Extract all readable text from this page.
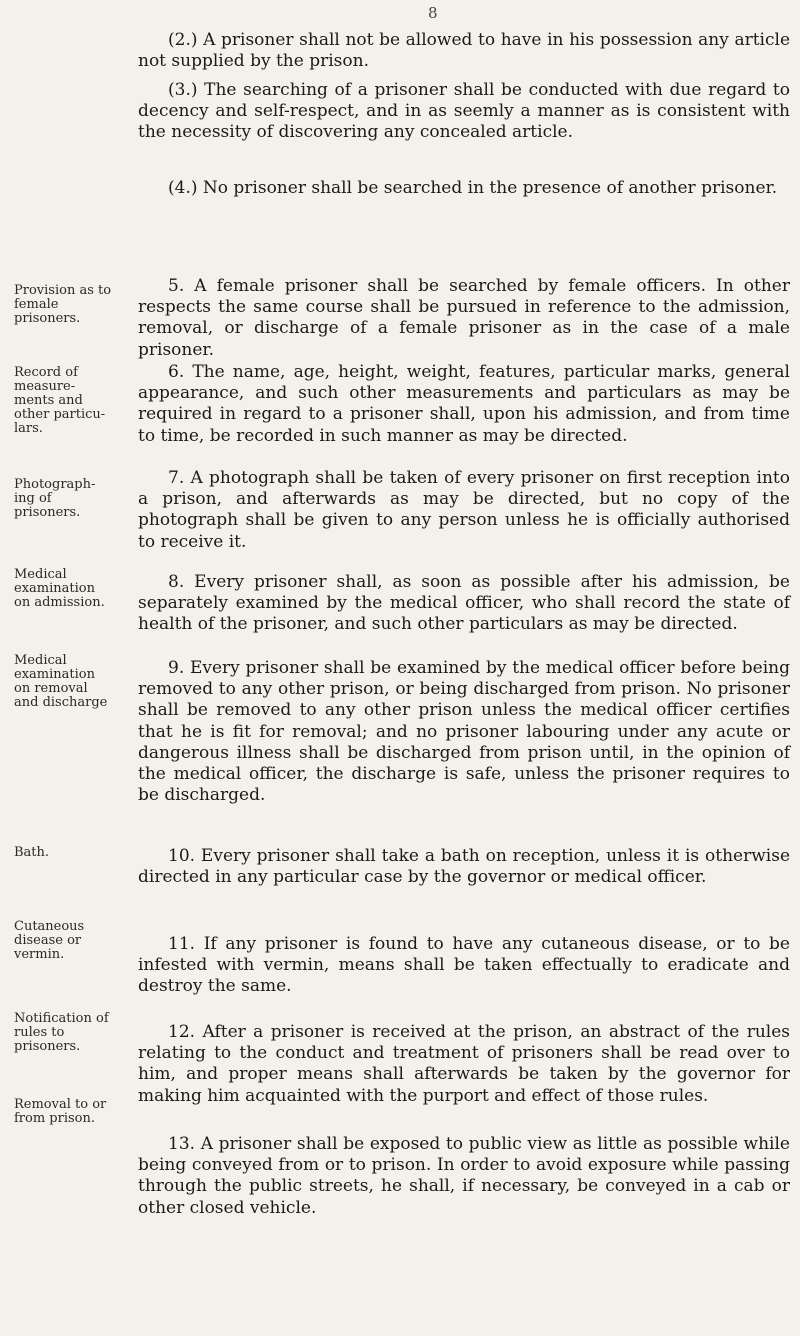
8
Provision as to female prisoners.
Record of measure-ments and other particu-lars.
Photograph-ing of prisoners.
Medical examination on admission.
Medical examination on removal and discharge
Bath.
Cutaneous disease or vermin.
Notification of rules to prisoners.
Removal to or from prison.

(2.) A prisoner shall not be allowed to have in his possession any article not supplied by the prison.

(3.) The searching of a prisoner shall be conducted with due regard to decency and self-respect, and in as seemly a manner as is consistent with the necessity of discovering any concealed article.

(4.) No prisoner shall be searched in the presence of another prisoner.

5. A female prisoner shall be searched by female officers. In other respects the same course shall be pursued in reference to the admission, removal, or discharge of a female prisoner as in the case of a male prisoner.

6. The name, age, height, weight, features, particular marks, general appearance, and such other measurements and particulars as may be required in regard to a prisoner shall, upon his admission, and from time to time, be recorded in such manner as may be directed.

7. A photograph shall be taken of every prisoner on first reception into a prison, and afterwards as may be directed, but no copy of the photograph shall be given to any person unless he is officially authorised to receive it.

8. Every prisoner shall, as soon as possible after his admission, be separately examined by the medical officer, who shall record the state of health of the prisoner, and such other particulars as may be directed.

9. Every prisoner shall be examined by the medical officer before being removed to any other prison, or being discharged from prison. No prisoner shall be removed to any other prison unless the medical officer certifies that he is fit for removal; and no prisoner labouring under any acute or dangerous illness shall be discharged from prison until, in the opinion of the medical officer, the discharge is safe, unless the prisoner requires to be discharged.

10. Every prisoner shall take a bath on reception, unless it is otherwise directed in any particular case by the governor or medical officer.

11. If any prisoner is found to have any cutaneous disease, or to be infested with vermin, means shall be taken effectually to eradicate and destroy the same.

12. After a prisoner is received at the prison, an abstract of the rules relating to the conduct and treatment of prisoners shall be read over to him, and proper means shall afterwards be taken by the governor for making him acquainted with the purport and effect of those rules.

13. A prisoner shall be exposed to public view as little as possible while being conveyed from or to prison. In order to avoid exposure while passing through the public streets, he shall, if necessary, be conveyed in a cab or other closed vehicle.
